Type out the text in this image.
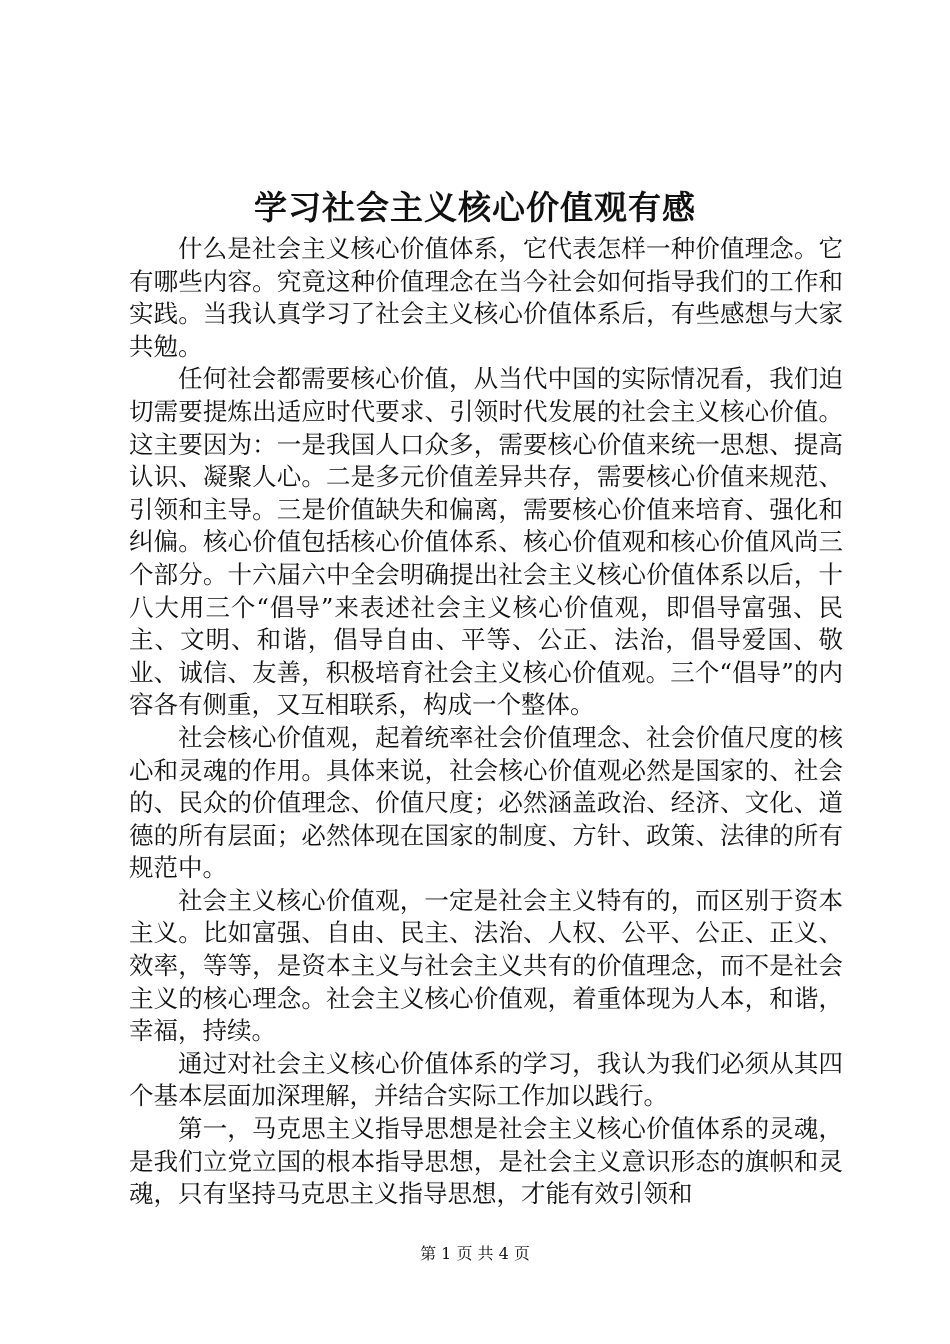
学习社会主义核心价值观有感

什么是社会主义核心价值体系，它代表怎样一种价值理念。它有哪些内容。究竟这种价值理念在当今社会如何指导我们的工作和实践。当我认真学习了社会主义核心价值体系后，有些感想与大家共勉。

任何社会都需要核心价值，从当代中国的实际情况看，我们迫切需要提炼出适应时代要求、引领时代发展的社会主义核心价值。这主要因为：一是我国人口众多，需要核心价值来统一思想、提高认识、凝聚人心。二是多元价值差异共存，需要核心价值来规范、引领和主导。三是价值缺失和偏离，需要核心价值来培育、强化和纠偏。核心价值包括核心价值体系、核心价值观和核心价值风尚三个部分。十六届六中全会明确提出社会主义核心价值体系以后，十八大用三个“倡导”来表述社会主义核心价值观，即倡导富强、民主、文明、和谐，倡导自由、平等、公正、法治，倡导爱国、敬业、诚信、友善，积极培育社会主义核心价值观。三个“倡导”的内容各有侧重，又互相联系，构成一个整体。

社会核心价值观，起着统率社会价值理念、社会价值尺度的核心和灵魂的作用。具体来说，社会核心价值观必然是国家的、社会的、民众的价值理念、价值尺度；必然涵盖政治、经济、文化、道德的所有层面；必然体现在国家的制度、方针、政策、法律的所有规范中。

社会主义核心价值观，一定是社会主义特有的，而区别于资本主义。比如富强、自由、民主、法治、人权、公平、公正、正义、效率，等等，是资本主义与社会主义共有的价值理念，而不是社会主义的核心理念。社会主义核心价值观，着重体现为人本，和谐，幸福，持续。

通过对社会主义核心价值体系的学习，我认为我们必须从其四个基本层面加深理解，并结合实际工作加以践行。

第一，马克思主义指导思想是社会主义核心价值体系的灵魂，是我们立党立国的根本指导思想，是社会主义意识形态的旗帜和灵魂，只有坚持马克思主义指导思想，才能有效引领和

第 1 页 共 4 页
